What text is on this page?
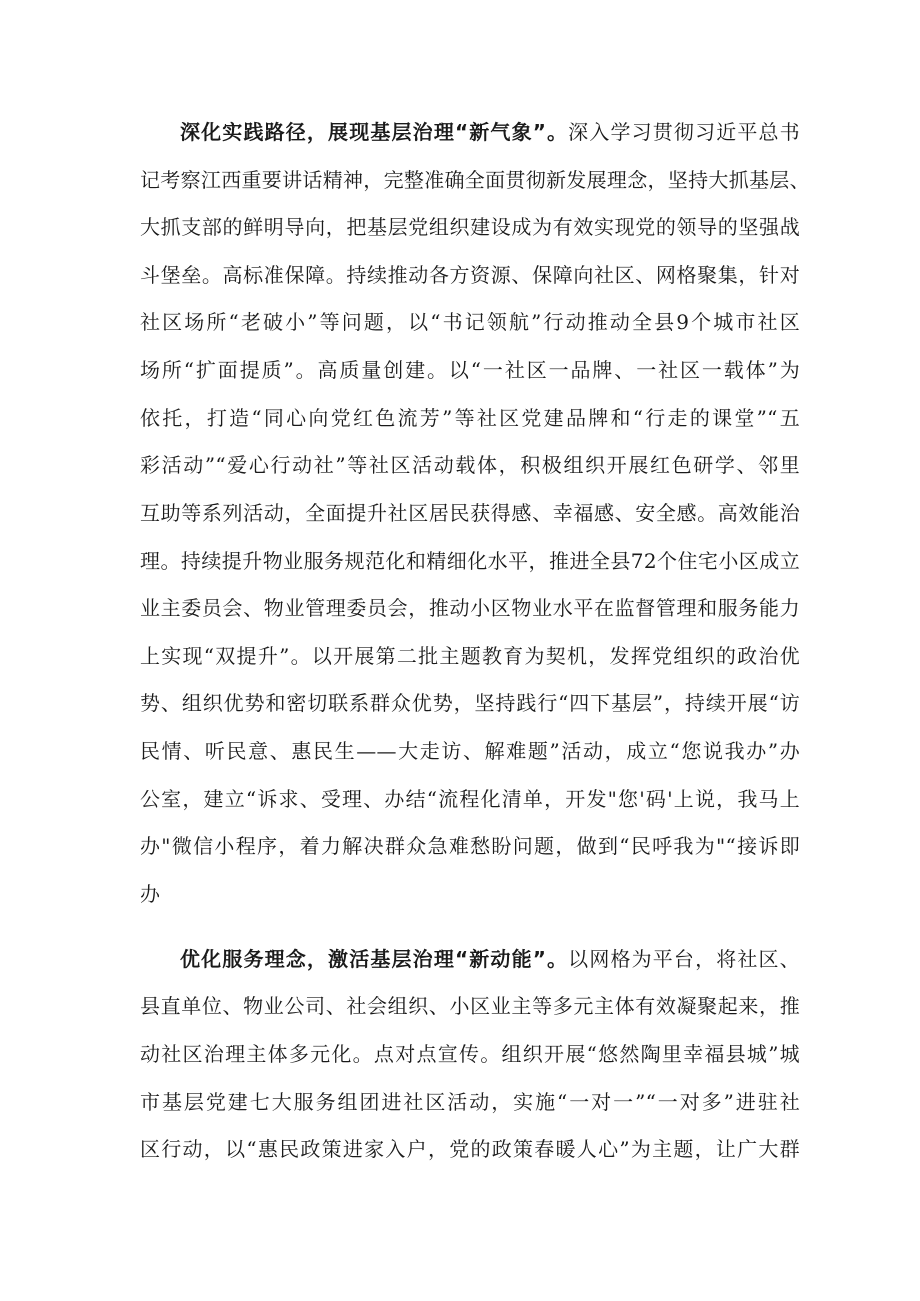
深化实践路径，展现基层治理“新气象”。深入学习贯彻习近平总书
记考察江西重要讲话精神，完整准确全面贯彻新发展理念，坚持大抓基层、
大抓支部的鲜明导向，把基层党组织建设成为有效实现党的领导的坚强战
斗堡垒。高标准保障。持续推动各方资源、保障向社区、网格聚集，针对
社区场所“老破小”等问题，以“书记领航”行动推动全县9个城市社区
场所“扩面提质”。高质量创建。以“一社区一品牌、一社区一载体”为
依托，打造“同心向党红色流芳”等社区党建品牌和“行走的课堂”“五
彩活动”“爱心行动社”等社区活动载体，积极组织开展红色研学、邻里
互助等系列活动，全面提升社区居民获得感、幸福感、安全感。高效能治
理。持续提升物业服务规范化和精细化水平，推进全县72个住宅小区成立
业主委员会、物业管理委员会，推动小区物业水平在监督管理和服务能力
上实现“双提升”。以开展第二批主题教育为契机，发挥党组织的政治优
势、组织优势和密切联系群众优势，坚持践行“四下基层”，持续开展“访
民情、听民意、惠民生——大走访、解难题”活动，成立“您说我办”办
公室，建立“诉求、受理、办结“流程化清单，开发"您'码'上说，我马上
办"微信小程序，着力解决群众急难愁盼问题，做到“民呼我为"“接诉即
办
优化服务理念，激活基层治理“新动能”。以网格为平台，将社区、
县直单位、物业公司、社会组织、小区业主等多元主体有效凝聚起来，推
动社区治理主体多元化。点对点宣传。组织开展“悠然陶里幸福县城”城
市基层党建七大服务组团进社区活动，实施“一对一”“一对多”进驻社
区行动，以“惠民政策进家入户，党的政策春暖人心”为主题，让广大群
